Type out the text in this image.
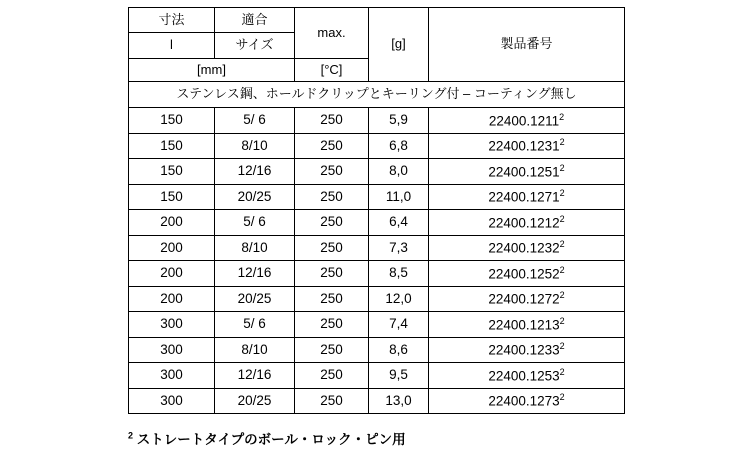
寸法	適合	max.	[g]	製品番号
l	サイズ			
[mm]		[°C]		
ステンレス鋼、ホールドクリップとキーリング付 – コーティング無し				
150	5/ 6	250	5,9	22400.1211$^2$
150	8/10	250	6,8	22400.1231$^2$
150	12/16	250	8,0	22400.1251$^2$
150	20/25	250	11,0	22400.1271$^2$
200	5/ 6	250	6,4	22400.1212$^2$
200	8/10	250	7,3	22400.1232$^2$
200	12/16	250	8,5	22400.1252$^2$
200	20/25	250	12,0	22400.1272$^2$
300	5/ 6	250	7,4	22400.1213$^2$
300	8/10	250	8,6	22400.1233$^2$
300	12/16	250	9,5	22400.1253$^2$
300	20/25	250	13,0	22400.1273$^2$
$^2$ ストレートタイプのボール・ロック・ピン用
